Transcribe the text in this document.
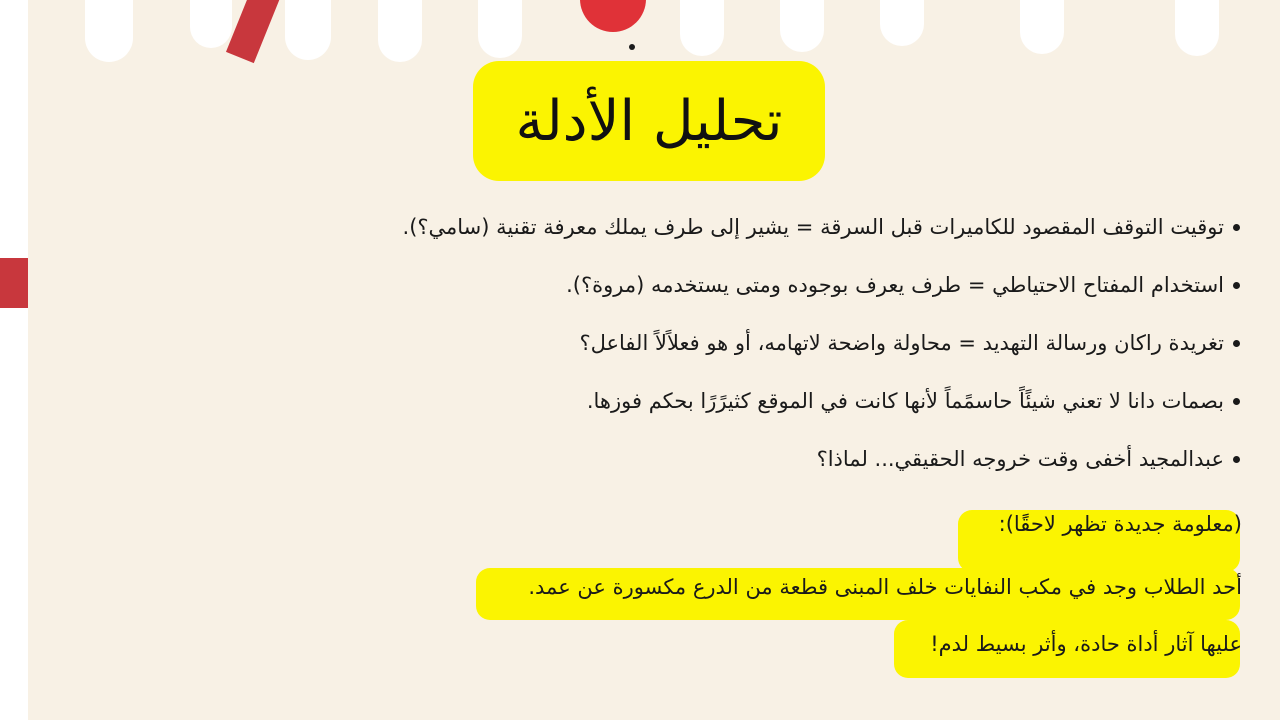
تحليل الأدلة
توقيت التوقف المقصود للكاميرات قبل السرقة = يشير إلى طرف يملك معرفة تقنية (سامي؟).
استخدام المفتاح الاحتياطي = طرف يعرف بوجوده ومتى يستخدمه (مروة؟).
تغريدة راكان ورسالة التهديد = محاولة واضحة لاتهامه، أو هو فعلاًلاً الفاعل؟
بصمات دانا لا تعني شيئًاً حاسمًماً لأنها كانت في الموقع كثيرًرًا بحكم فوزها.
عبدالمجيد أخفى وقت خروجه الحقيقي... لماذا؟
(معلومة جديدة تظهر لاحقًًا):
أحد الطلاب وجد في مكب النفايات خلف المبنى قطعة من الدرع مكسورة عن عمد.
عليها آثار أداة حادة، وأثر بسيط لدم!
